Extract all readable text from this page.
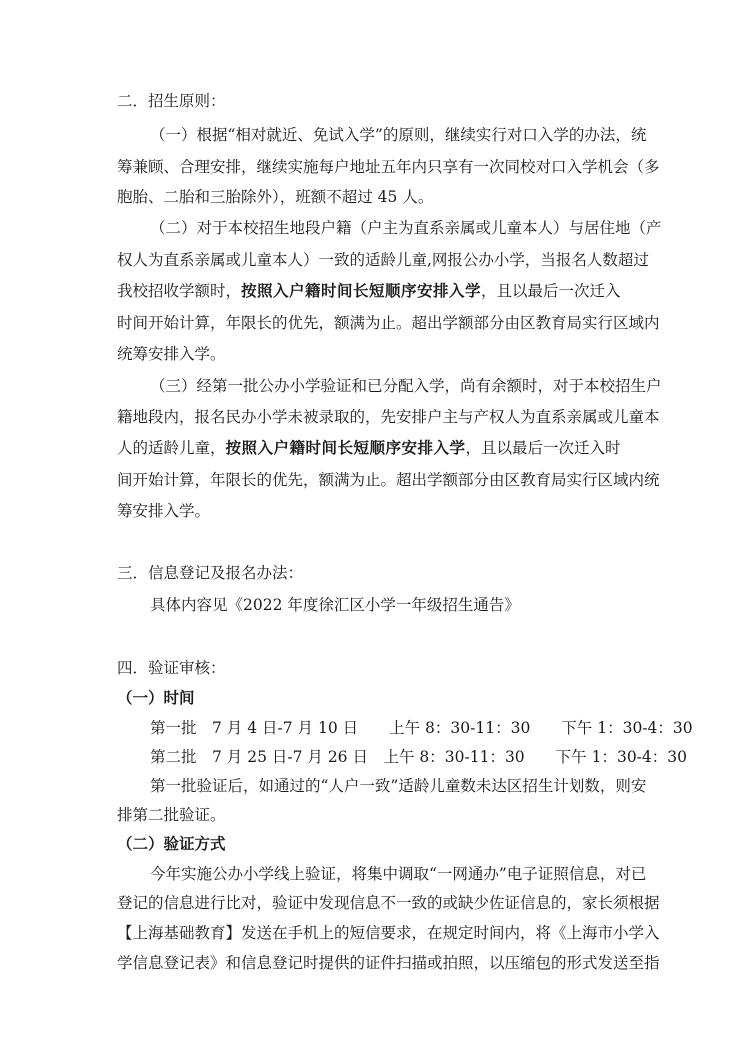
二．招生原则：
（一）根据“相对就近、免试入学”的原则，继续实行对口入学的办法，统
筹兼顾、合理安排，继续实施每户地址五年内只享有一次同校对口入学机会（多
胞胎、二胎和三胎除外），班额不超过 45 人。
（二）对于本校招生地段户籍（户主为直系亲属或儿童本人）与居住地（产
权人为直系亲属或儿童本人）一致的适龄儿童,网报公办小学，当报名人数超过
我校招收学额时，按照入户籍时间长短顺序安排入学，且以最后一次迁入
时间开始计算，年限长的优先，额满为止。超出学额部分由区教育局实行区域内
统筹安排入学。
（三）经第一批公办小学验证和已分配入学，尚有余额时，对于本校招生户
籍地段内，报名民办小学未被录取的，先安排户主与产权人为直系亲属或儿童本
人的适龄儿童，按照入户籍时间长短顺序安排入学，且以最后一次迁入时
间开始计算，年限长的优先，额满为止。超出学额部分由区教育局实行区域内统
筹安排入学。
三．信息登记及报名办法：
具体内容见《2022 年度徐汇区小学一年级招生通告》
四．验证审核：
（一）时间
第一批　7 月 4 日-7 月 10 日　　上午 8：30-11：30　　下午 1：30-4：30
第二批　7 月 25 日-7 月 26 日　上午 8：30-11：30　　下午 1：30-4：30
第一批验证后，如通过的“人户一致”适龄儿童数未达区招生计划数，则安
排第二批验证。
（二）验证方式
今年实施公办小学线上验证，将集中调取“一网通办”电子证照信息，对已
登记的信息进行比对，验证中发现信息不一致的或缺少佐证信息的，家长须根据
【上海基础教育】发送在手机上的短信要求，在规定时间内，将《上海市小学入
学信息登记表》和信息登记时提供的证件扫描或拍照，以压缩包的形式发送至指
